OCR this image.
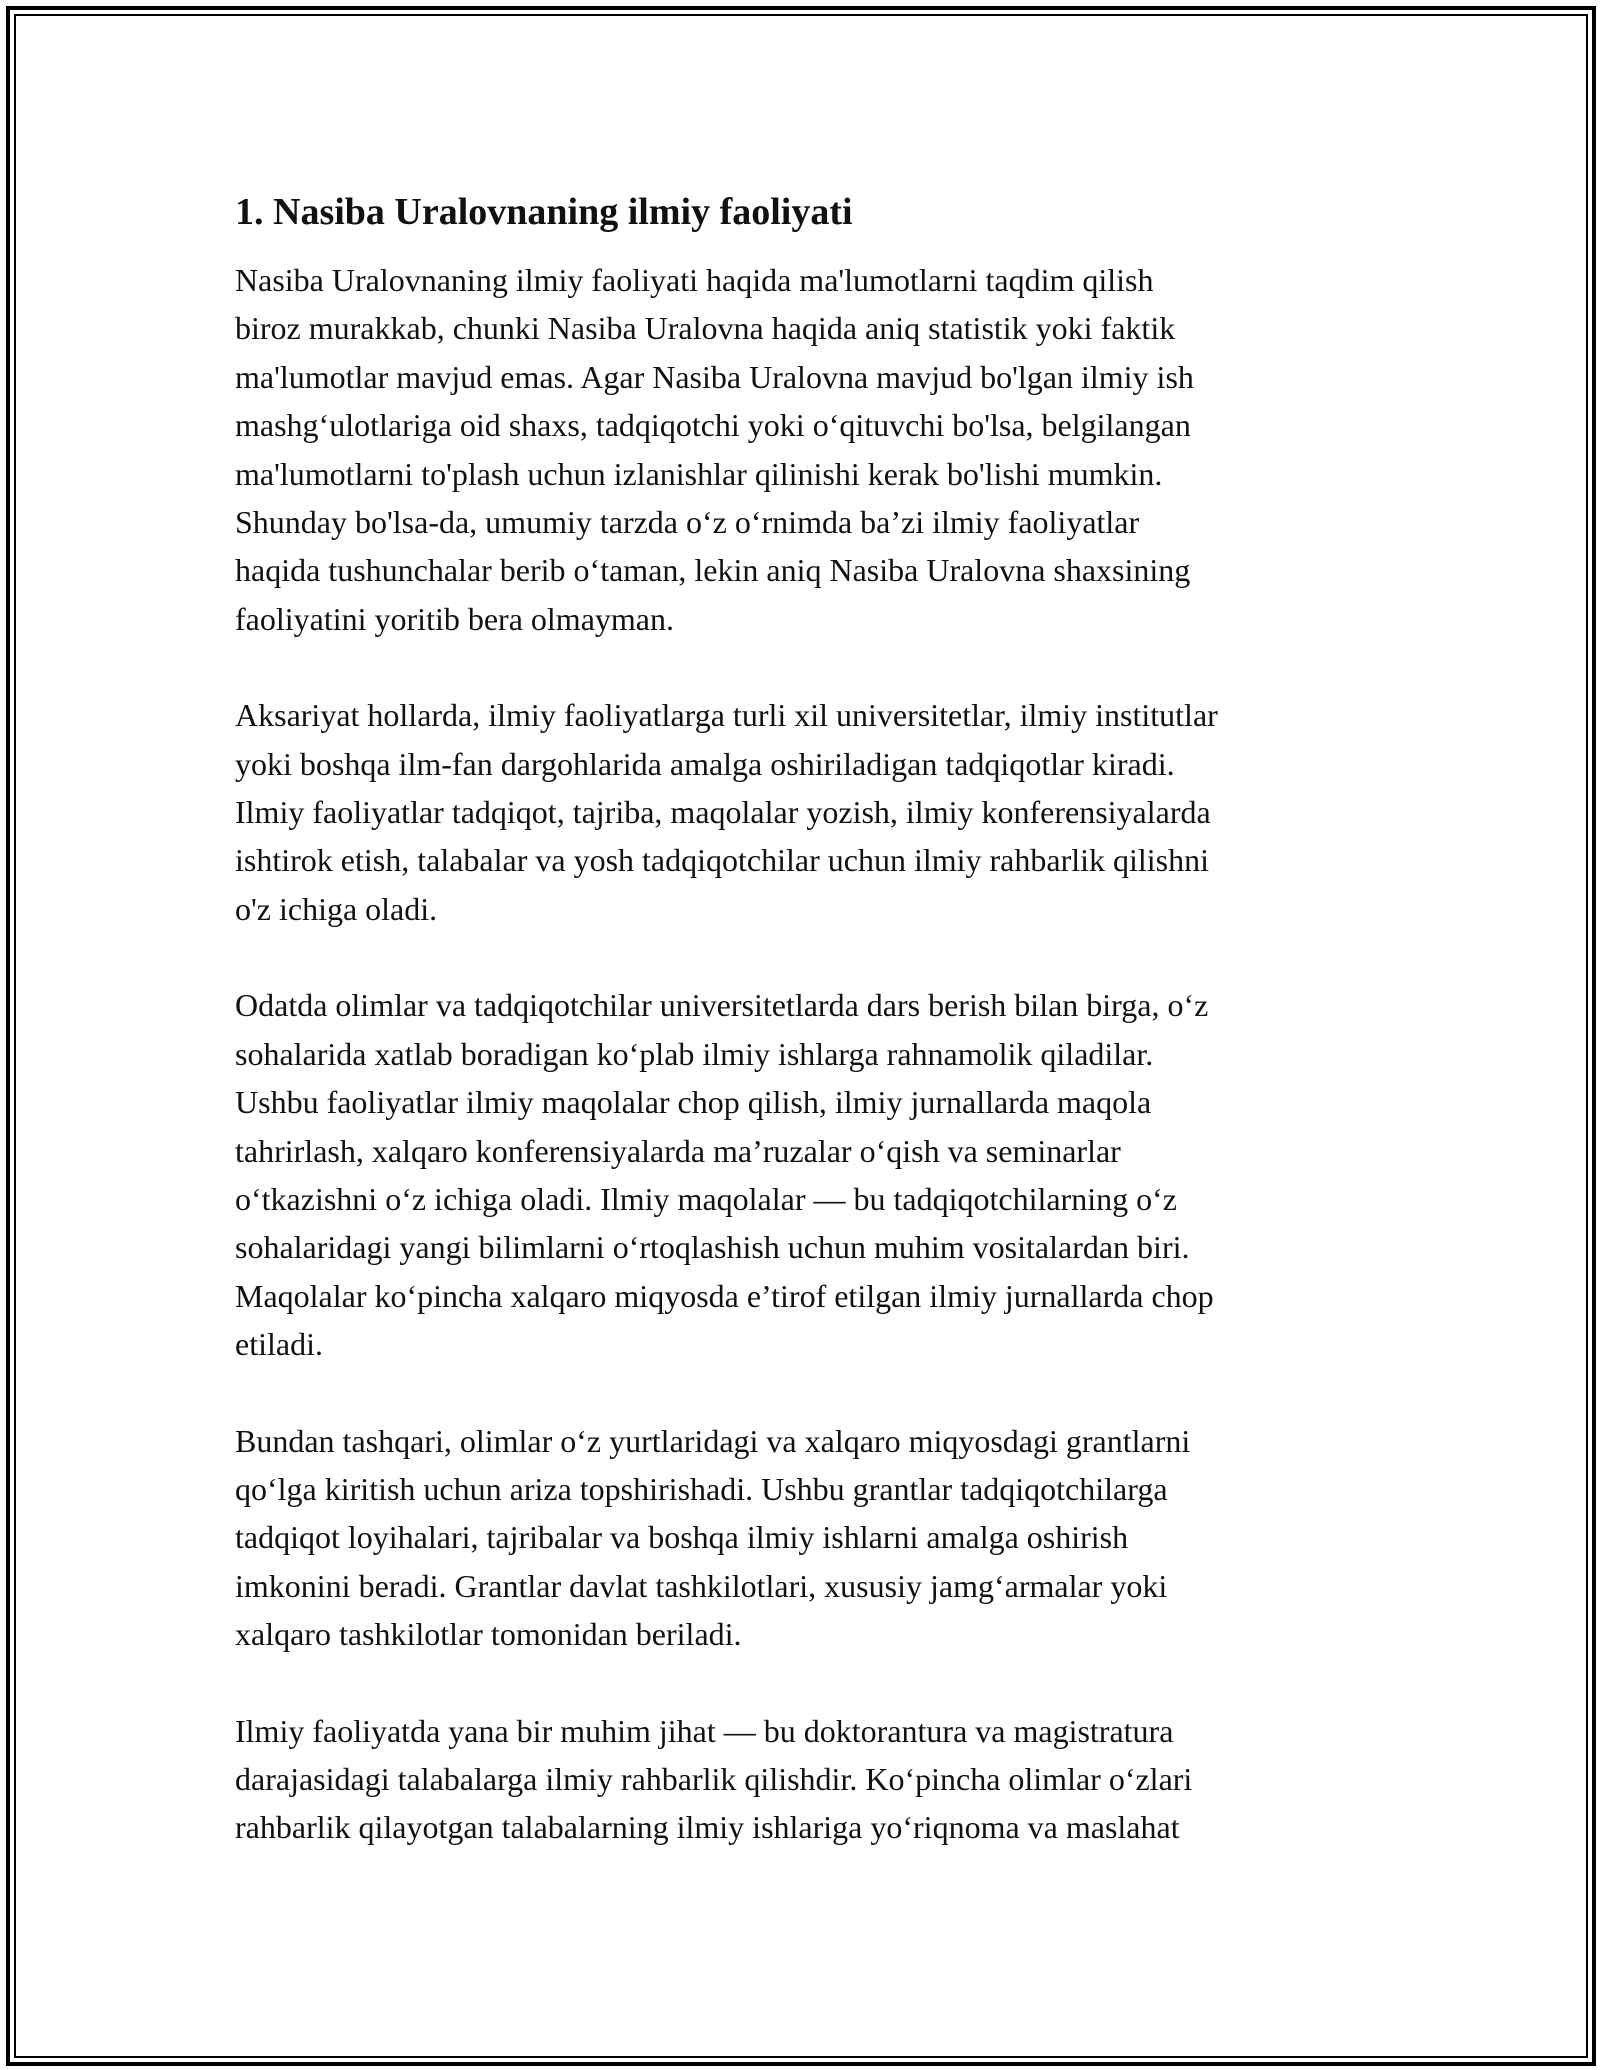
1. Nasiba Uralovnaning ilmiy faoliyati

Nasiba Uralovnaning ilmiy faoliyati haqida ma'lumotlarni taqdim qilish
biroz murakkab, chunki Nasiba Uralovna haqida aniq statistik yoki faktik
ma'lumotlar mavjud emas. Agar Nasiba Uralovna mavjud bo'lgan ilmiy ish
mashg‘ulotlariga oid shaxs, tadqiqotchi yoki o‘qituvchi bo'lsa, belgilangan
ma'lumotlarni to'plash uchun izlanishlar qilinishi kerak bo'lishi mumkin.
Shunday bo'lsa-da, umumiy tarzda o‘z o‘rnimda ba’zi ilmiy faoliyatlar
haqida tushunchalar berib o‘taman, lekin aniq Nasiba Uralovna shaxsining
faoliyatini yoritib bera olmayman.

Aksariyat hollarda, ilmiy faoliyatlarga turli xil universitetlar, ilmiy institutlar
yoki boshqa ilm-fan dargohlarida amalga oshiriladigan tadqiqotlar kiradi.
Ilmiy faoliyatlar tadqiqot, tajriba, maqolalar yozish, ilmiy konferensiyalarda
ishtirok etish, talabalar va yosh tadqiqotchilar uchun ilmiy rahbarlik qilishni
o'z ichiga oladi.

Odatda olimlar va tadqiqotchilar universitetlarda dars berish bilan birga, o‘z
sohalarida xatlab boradigan ko‘plab ilmiy ishlarga rahnamolik qiladilar.
Ushbu faoliyatlar ilmiy maqolalar chop qilish, ilmiy jurnallarda maqola
tahrirlash, xalqaro konferensiyalarda ma’ruzalar o‘qish va seminarlar
o‘tkazishni o‘z ichiga oladi. Ilmiy maqolalar — bu tadqiqotchilarning o‘z
sohalaridagi yangi bilimlarni o‘rtoqlashish uchun muhim vositalardan biri.
Maqolalar ko‘pincha xalqaro miqyosda e’tirof etilgan ilmiy jurnallarda chop
etiladi.

Bundan tashqari, olimlar o‘z yurtlaridagi va xalqaro miqyosdagi grantlarni
qo‘lga kiritish uchun ariza topshirishadi. Ushbu grantlar tadqiqotchilarga
tadqiqot loyihalari, tajribalar va boshqa ilmiy ishlarni amalga oshirish
imkonini beradi. Grantlar davlat tashkilotlari, xususiy jamg‘armalar yoki
xalqaro tashkilotlar tomonidan beriladi.

Ilmiy faoliyatda yana bir muhim jihat — bu doktorantura va magistratura
darajasidagi talabalarga ilmiy rahbarlik qilishdir. Ko‘pincha olimlar o‘zlari
rahbarlik qilayotgan talabalarning ilmiy ishlariga yo‘riqnoma va maslahat
